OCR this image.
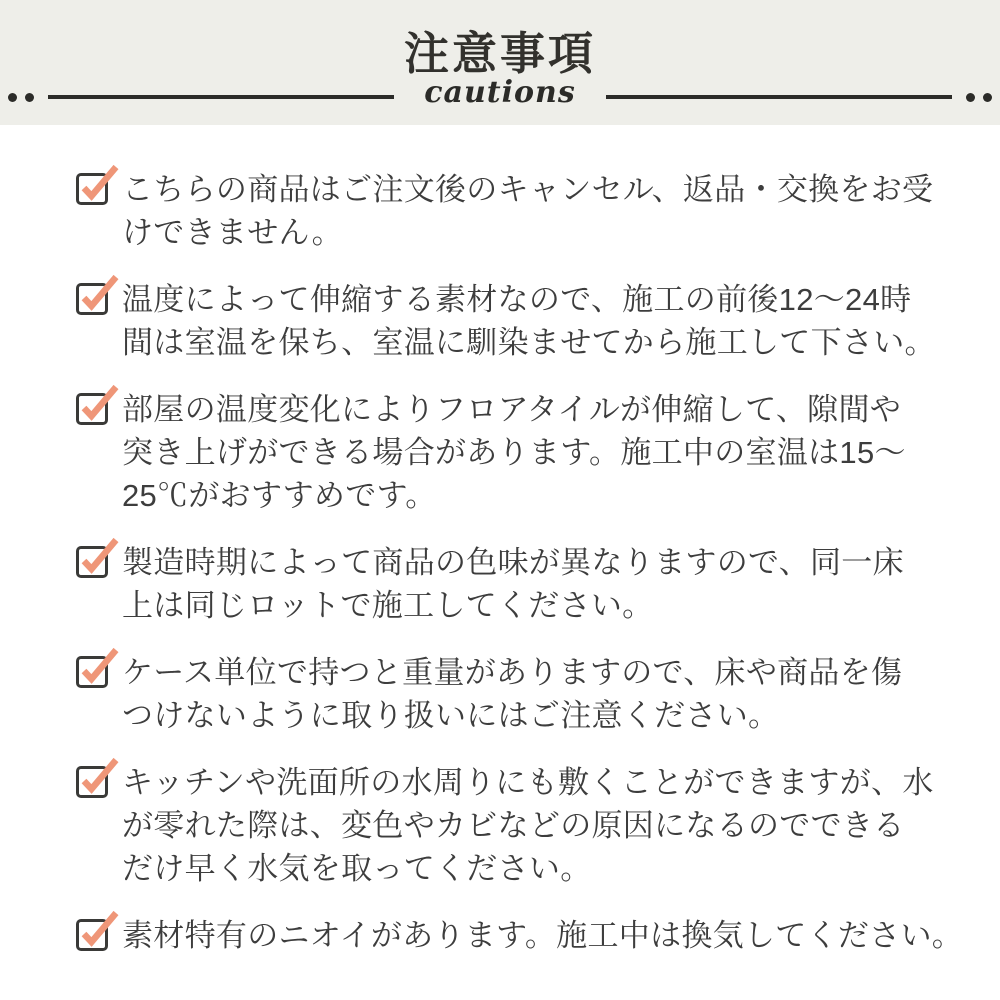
注意事項
cautions
こちらの商品はご注文後のキャンセル、返品・交換をお受
けできません。
温度によって伸縮する素材なので、施工の前後12〜24時
間は室温を保ち、室温に馴染ませてから施工して下さい。
部屋の温度変化によりフロアタイルが伸縮して、隙間や
突き上げができる場合があります。施工中の室温は15〜
25℃がおすすめです。
製造時期によって商品の色味が異なりますので、同一床
上は同じロットで施工してください。
ケース単位で持つと重量がありますので、床や商品を傷
つけないように取り扱いにはご注意ください。
キッチンや洗面所の水周りにも敷くことができますが、水
が零れた際は、変色やカビなどの原因になるのでできる
だけ早く水気を取ってください。
素材特有のニオイがあります。施工中は換気してください。
